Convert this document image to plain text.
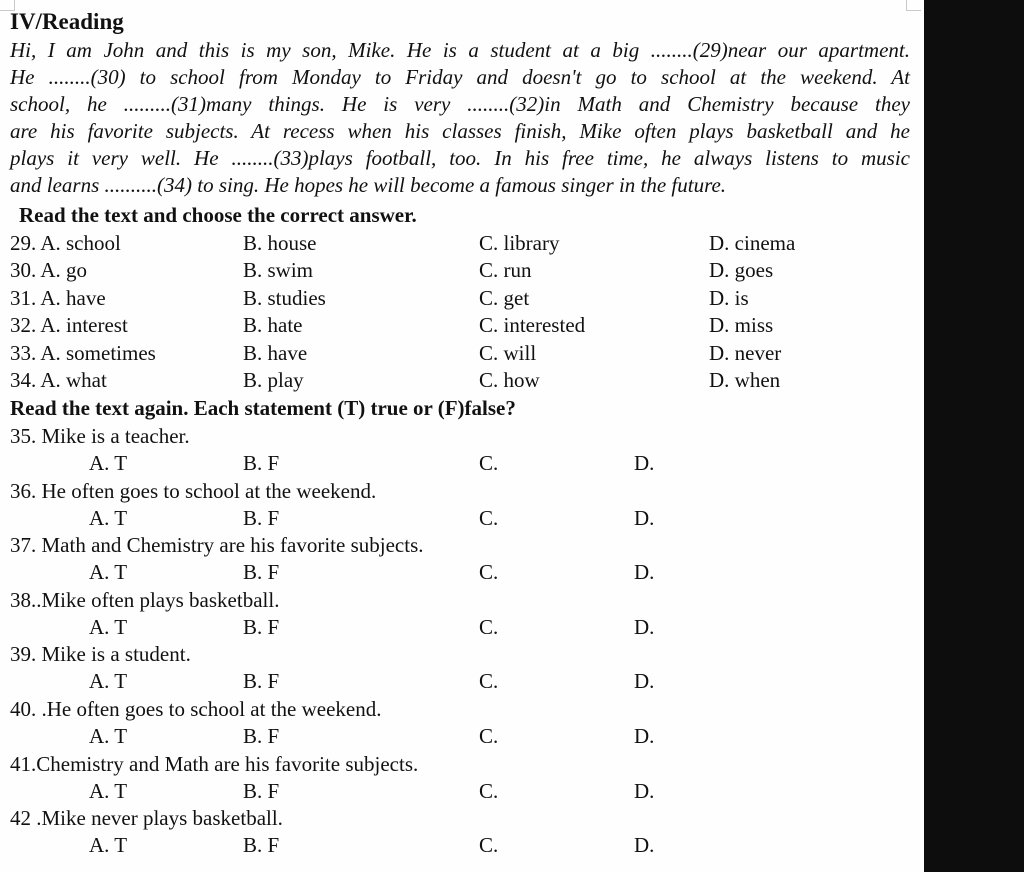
IV/Reading
Hi, I am John and this is my son, Mike. He is a student at a big ........(29)near our apartment.
He ........(30) to school from Monday to Friday and doesn't go to school at the weekend. At
school, he .........(31)many things. He is very ........(32)in Math and Chemistry because they
are his favorite subjects. At recess when his classes finish, Mike often plays basketball and he
plays it very well. He ........(33)plays football, too. In his free time, he always listens to music
and learns ..........(34) to sing. He hopes he will become a famous singer in the future.
Read the text and choose the correct answer.
29. A. school	B. house	C. library	D. cinema
30. A. go	B. swim	C. run	D. goes
31. A. have	B. studies	C. get	D. is
32. A. interest	B. hate	C. interested	D. miss
33. A. sometimes	B. have	C. will	D. never
34. A. what	B. play	C. how	D. when
Read the text again. Each statement (T) true or (F)false?
35. Mike is a teacher.
A. T	B. F	C.	D.
36. He often goes to school at the weekend.
A. T	B. F	C.	D.
37. Math and Chemistry are his favorite subjects.
A. T	B. F	C.	D.
38..Mike often plays basketball.
A. T	B. F	C.	D.
39. Mike is a student.
A. T	B. F	C.	D.
40. .He often goes to school at the weekend.
A. T	B. F	C.	D.
41.Chemistry and Math are his favorite subjects.
A. T	B. F	C.	D.
42 .Mike never plays basketball.
A. T	B. F	C.	D.
